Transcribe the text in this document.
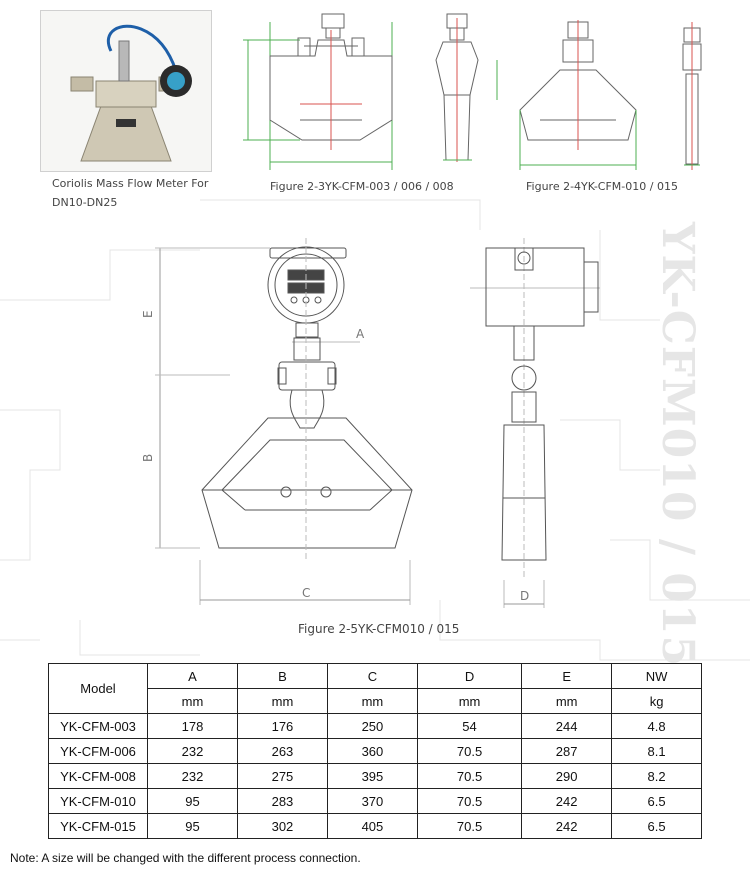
YK-CFM010 / 015
Coriolis Mass Flow Meter For
DN10-DN25
A
B
C	D
E
Figure 2-3YK-CFM-003 / 006 / 008	Figure 2-4YK-CFM-010 / 015
Figure 2-5YK-CFM010 / 015
Model	A	B	C	D	E	NW
	mm	mm	mm	mm	mm	kg
YK-CFM-003	178	176	250	54	244	4.8
YK-CFM-006	232	263	360	70.5	287	8.1
YK-CFM-008	232	275	395	70.5	290	8.2
YK-CFM-010	95	283	370	70.5	242	6.5
YK-CFM-015	95	302	405	70.5	242	6.5
Note: A size will be changed with the different process connection.
